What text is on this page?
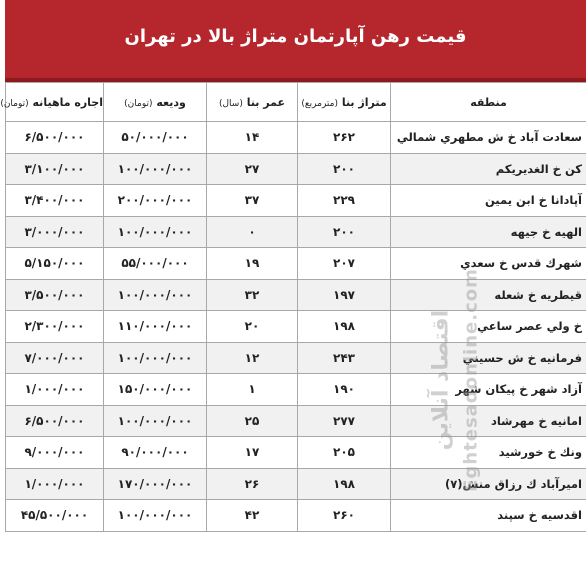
قیمت رهن آپارتمان متراژ بالا در تهران
منطقه	متراژ بنا (مترمربع)	عمر بنا (سال)	ودیعه (تومان)	اجاره ماهیانه (تومان)
سعادت آباد خ ش مطهري شمالي	۲۶۲	۱۴	۵۰/۰۰۰/۰۰۰	۶/۵۰۰/۰۰۰
كن خ الغديريكم	۲۰۰	۲۷	۱۰۰/۰۰۰/۰۰۰	۳/۱۰۰/۰۰۰
آپادانا خ ابن يمين	۲۲۹	۳۷	۲۰۰/۰۰۰/۰۰۰	۳/۴۰۰/۰۰۰
الهيه خ جيهه	۲۰۰	۰	۱۰۰/۰۰۰/۰۰۰	۳/۰۰۰/۰۰۰
شهرك قدس خ سعدي	۲۰۷	۱۹	۵۵/۰۰۰/۰۰۰	۵/۱۵۰/۰۰۰
قيطريه خ شعله	۱۹۷	۳۲	۱۰۰/۰۰۰/۰۰۰	۳/۵۰۰/۰۰۰
خ ولي عصر ساعي	۱۹۸	۲۰	۱۱۰/۰۰۰/۰۰۰	۲/۳۰۰/۰۰۰
فرمانيه خ ش حسيني	۲۴۳	۱۲	۱۰۰/۰۰۰/۰۰۰	۷/۰۰۰/۰۰۰
آزاد شهر خ پيكان شهر	۱۹۰	۱	۱۵۰/۰۰۰/۰۰۰	۱/۰۰۰/۰۰۰
امانيه خ مهرشاد	۲۷۷	۲۵	۱۰۰/۰۰۰/۰۰۰	۶/۵۰۰/۰۰۰
ونك خ خورشيد	۲۰۵	۱۷	۹۰/۰۰۰/۰۰۰	۹/۰۰۰/۰۰۰
اميرآباد ك رزاق منش(۷)	۱۹۸	۲۶	۱۷۰/۰۰۰/۰۰۰	۱/۰۰۰/۰۰۰
اقدسيه خ سپند	۲۶۰	۴۲	۱۰۰/۰۰۰/۰۰۰	۴۵/۵۰۰/۰۰۰
اقتصاد آنلاین Eghtesadonline.com
